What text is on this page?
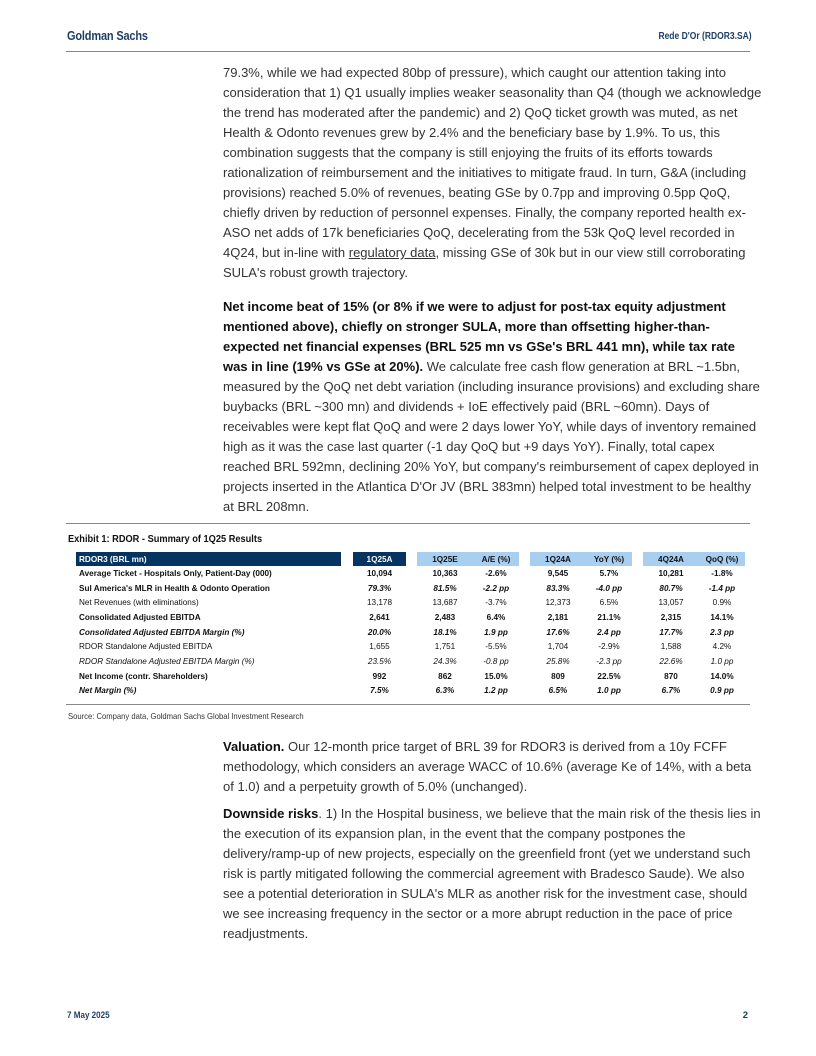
Goldman Sachs	Rede D'Or (RDOR3.SA)

79.3%, while we had expected 80bp of pressure), which caught our attention taking into consideration that 1) Q1 usually implies weaker seasonality than Q4 (though we acknowledge the trend has moderated after the pandemic) and 2) QoQ ticket growth was muted, as net Health & Odonto revenues grew by 2.4% and the beneficiary base by 1.9%. To us, this combination suggests that the company is still enjoying the fruits of its efforts towards rationalization of reimbursement and the initiatives to mitigate fraud. In turn, G&A (including provisions) reached 5.0% of revenues, beating GSe by 0.7pp and improving 0.5pp QoQ, chiefly driven by reduction of personnel expenses. Finally, the company reported health ex-ASO net adds of 17k beneficiaries QoQ, decelerating from the 53k QoQ level recorded in 4Q24, but in-line with regulatory data, missing GSe of 30k but in our view still corroborating SULA's robust growth trajectory.

Net income beat of 15% (or 8% if we were to adjust for post-tax equity adjustment mentioned above), chiefly on stronger SULA, more than offsetting higher-than-expected net financial expenses (BRL 525 mn vs GSe's BRL 441 mn), while tax rate was in line (19% vs GSe at 20%). We calculate free cash flow generation at BRL ~1.5bn, measured by the QoQ net debt variation (including insurance provisions) and excluding share buybacks (BRL ~300 mn) and dividends + IoE effectively paid (BRL ~60mn). Days of receivables were kept flat QoQ and were 2 days lower YoY, while days of inventory remained high as it was the case last quarter (-1 day QoQ but +9 days YoY). Finally, total capex reached BRL 592mn, declining 20% YoY, but company's reimbursement of capex deployed in projects inserted in the Atlantica D'Or JV (BRL 383mn) helped total investment to be healthy at BRL 208mn.

Exhibit 1: RDOR - Summary of 1Q25 Results
RDOR3 (BRL mn)		1Q25A		1Q25E	A/E (%)		1Q24A	YoY (%)		4Q24A	QoQ (%)
Average Ticket - Hospitals Only, Patient-Day (000)		10,094		10,363	-2.6%		9,545	5.7%		10,281	-1.8%
Sul America's MLR in Health & Odonto Operation		79.3%		81.5%	-2.2 pp		83.3%	-4.0 pp		80.7%	-1.4 pp
Net Revenues (with eliminations)		13,178		13,687	-3.7%		12,373	6.5%		13,057	0.9%
Consolidated Adjusted EBITDA		2,641		2,483	6.4%		2,181	21.1%		2,315	14.1%
Consolidated Adjusted EBITDA Margin (%)		20.0%		18.1%	1.9 pp		17.6%	2.4 pp		17.7%	2.3 pp
RDOR Standalone Adjusted EBITDA		1,655		1,751	-5.5%		1,704	-2.9%		1,588	4.2%
RDOR Standalone Adjusted EBITDA Margin (%)		23.5%		24.3%	-0.8 pp		25.8%	-2.3 pp		22.6%	1.0 pp
Net Income (contr. Shareholders)		992		862	15.0%		809	22.5%		870	14.0%
Net Margin (%)		7.5%		6.3%	1.2 pp		6.5%	1.0 pp		6.7%	0.9 pp
Source: Company data, Goldman Sachs Global Investment Research

Valuation. Our 12-month price target of BRL 39 for RDOR3 is derived from a 10y FCFF methodology, which considers an average WACC of 10.6% (average Ke of 14%, with a beta of 1.0) and a perpetuity growth of 5.0% (unchanged).

Downside risks. 1) In the Hospital business, we believe that the main risk of the thesis lies in the execution of its expansion plan, in the event that the company postpones the delivery/ramp-up of new projects, especially on the greenfield front (yet we understand such risk is partly mitigated following the commercial agreement with Bradesco Saude). We also see a potential deterioration in SULA's MLR as another risk for the investment case, should we see increasing frequency in the sector or a more abrupt reduction in the pace of price readjustments.

7 May 2025	2
